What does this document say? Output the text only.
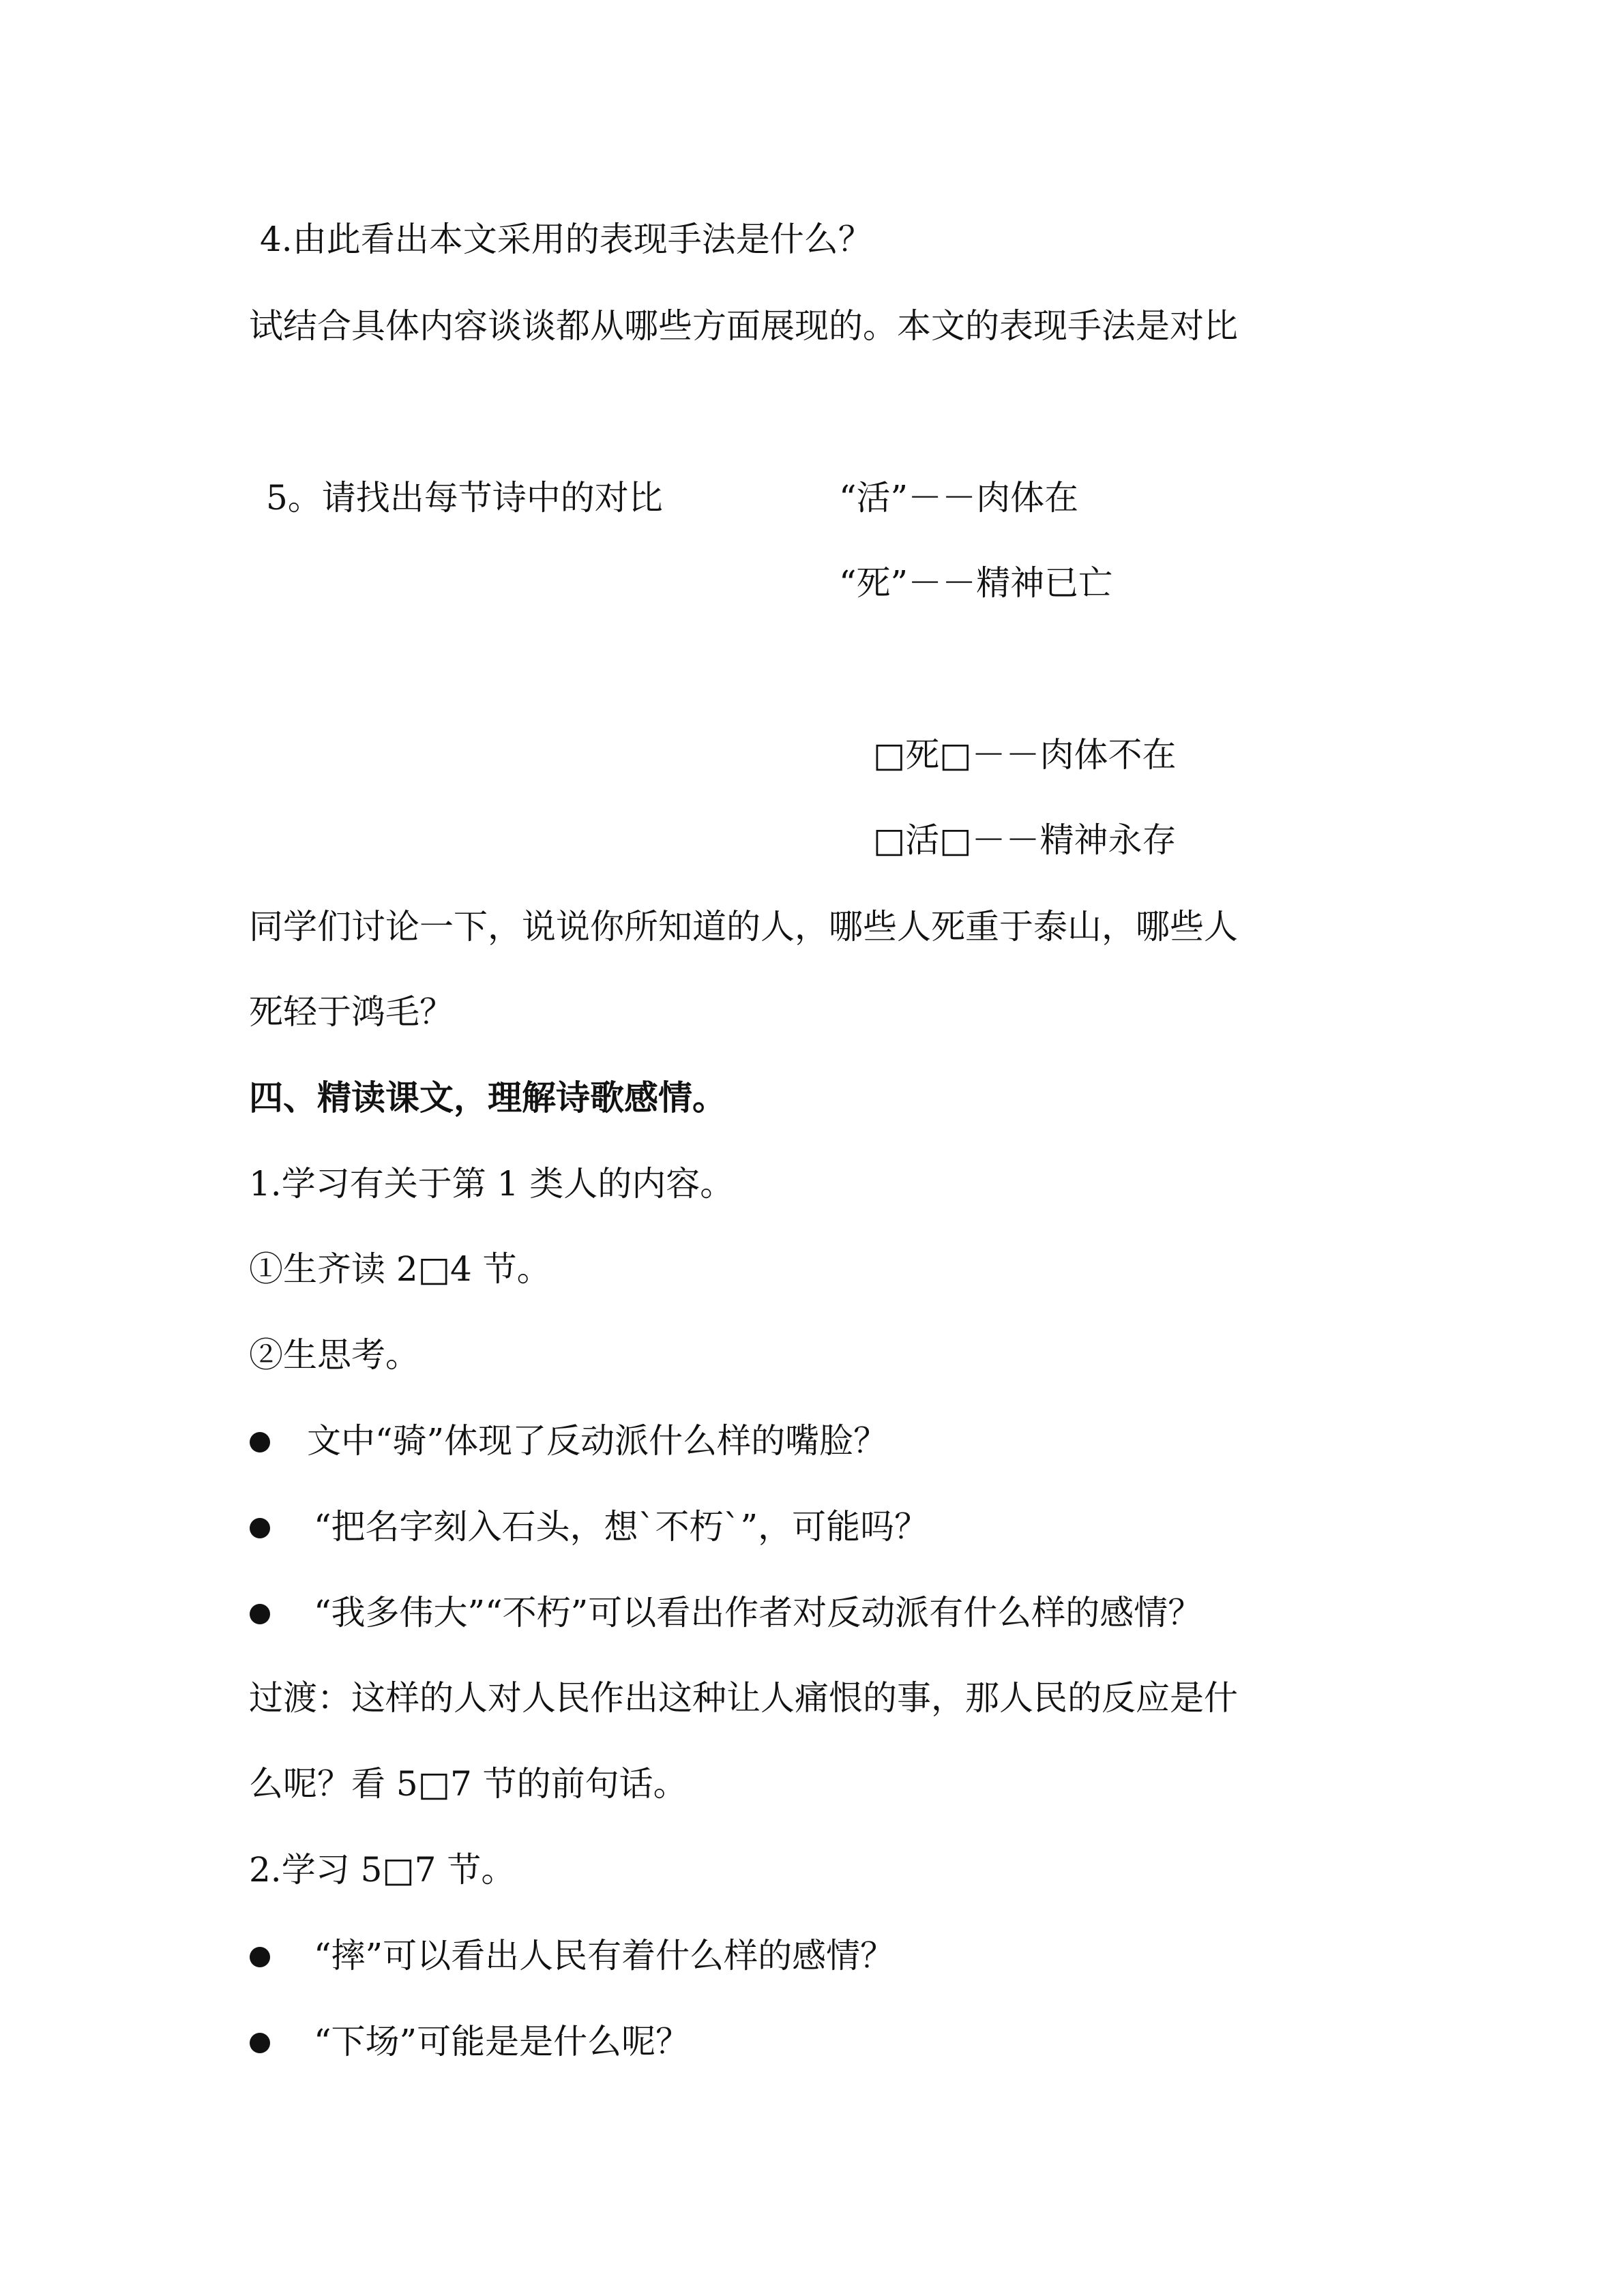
4.由此看出本文采用的表现手法是什么？
试结合具体内容谈谈都从哪些方面展现的。本文的表现手法是对比
5。请找出每节诗中的对比	“活”－－肉体在
“死”－－精神已亡
□死□－－肉体不在
□活□－－精神永存
同学们讨论一下，说说你所知道的人，哪些人死重于泰山，哪些人
死轻于鸿毛？
四、精读课文，理解诗歌感情。
1.学习有关于第 1 类人的内容。
①生齐读 2□4 节。
②生思考。
文中“骑”体现了反动派什么样的嘴脸？
“把名字刻入石头，想`不朽`”，可能吗？
“我多伟大”“不朽”可以看出作者对反动派有什么样的感情？
过渡：这样的人对人民作出这种让人痛恨的事，那人民的反应是什
么呢？看 5□7 节的前句话。
2.学习 5□7 节。
“摔”可以看出人民有着什么样的感情？
“下场”可能是是什么呢？
